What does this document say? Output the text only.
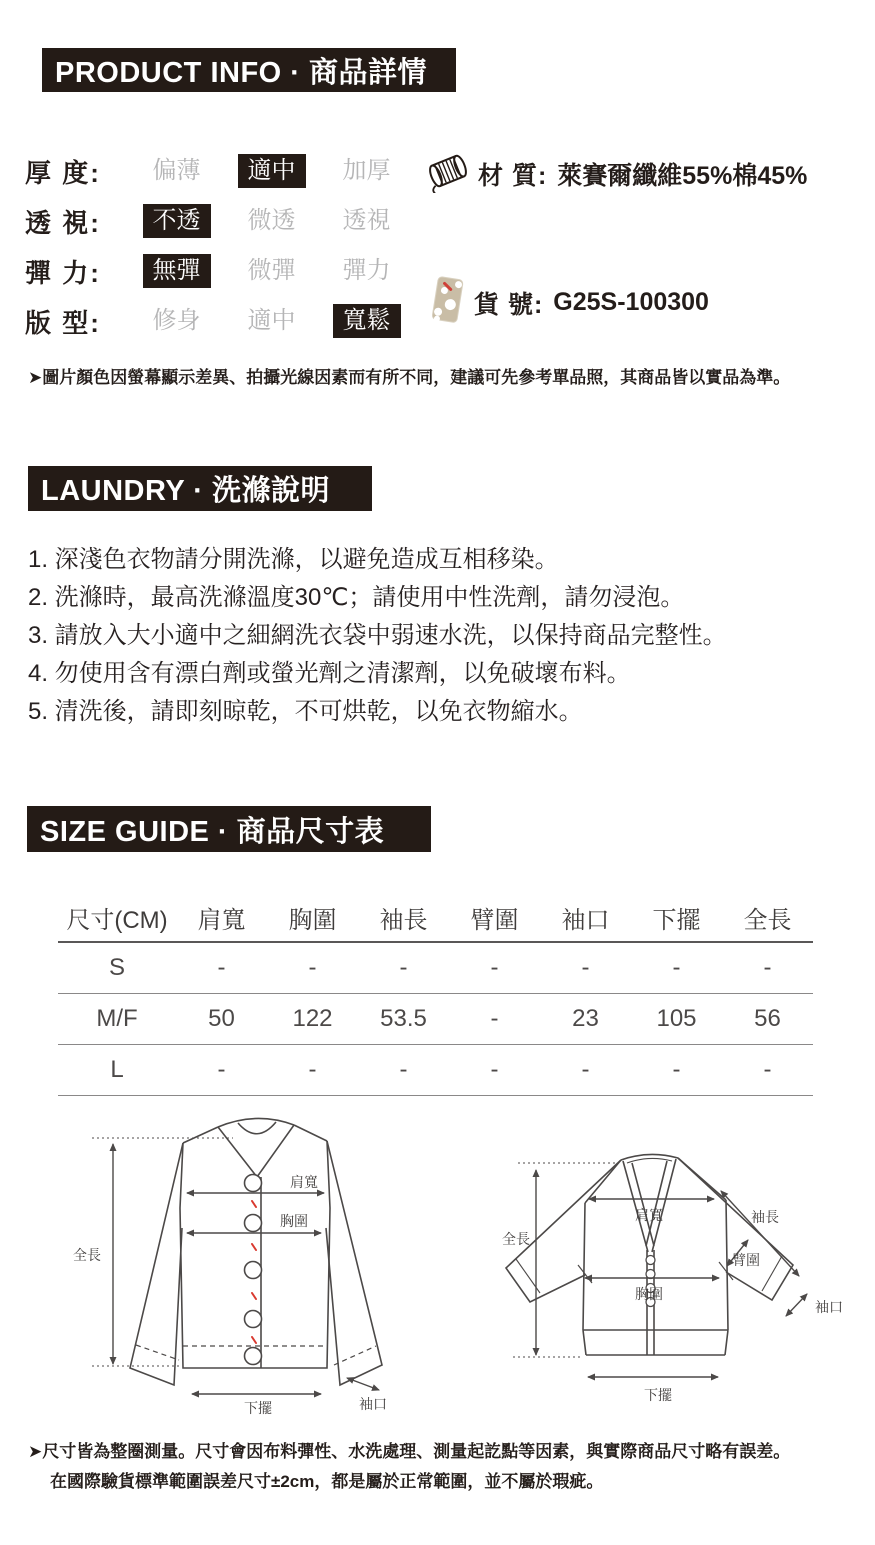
PRODUCT INFO · 商品詳情
厚 度:	偏薄	適中	加厚
透 視:	不透	微透	透視
彈 力:	無彈	微彈	彈力
版 型:	修身	適中	寬鬆
材 質: 萊賽爾纖維55%棉45%
貨 號: G25S-100300
➤圖片顏色因螢幕顯示差異、拍攝光線因素而有所不同，建議可先參考單品照，其商品皆以實品為準。
LAUNDRY · 洗滌說明
1. 深淺色衣物請分開洗滌，以避免造成互相移染。
2. 洗滌時，最高洗滌溫度30℃；請使用中性洗劑，請勿浸泡。
3. 請放入大小適中之細網洗衣袋中弱速水洗，以保持商品完整性。
4. 勿使用含有漂白劑或螢光劑之清潔劑，以免破壞布料。
5. 清洗後，請即刻晾乾，不可烘乾，以免衣物縮水。
SIZE GUIDE · 商品尺寸表
尺寸(CM)	肩寬	胸圍	袖長	臂圍	袖口	下擺	全長
S	-	-	-	-	-	-	-
M/F	50	122	53.5	-	23	105	56
L	-	-	-	-	-	-	-
全長
肩寬
胸圍
下擺	袖口
全長
肩寬	袖長
臂圍
胸圍
袖口
下擺
➤尺寸皆為整圈測量。尺寸會因布料彈性、水洗處理、測量起訖點等因素，與實際商品尺寸略有誤差。
在國際驗貨標準範圍誤差尺寸±2cm，都是屬於正常範圍，並不屬於瑕疵。
